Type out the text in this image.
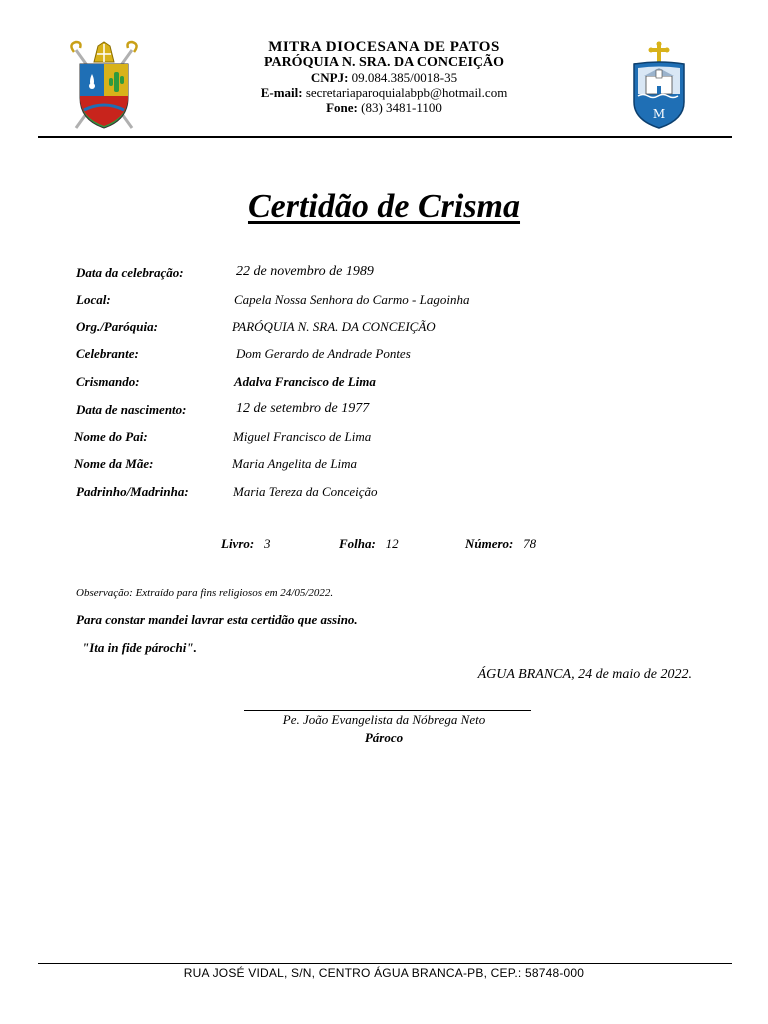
MITRA DIOCESANA DE PATOS
PARÓQUIA N. SRA. DA CONCEIÇÃO
CNPJ: 09.084.385/0018-35
E-mail: secretariaparoquialabpb@hotmail.com
Fone: (83) 3481-1100	M
Certidão de Crisma
Data da celebração:	22 de novembro de 1989
Local:	Capela Nossa Senhora do Carmo - Lagoinha
Org./Paróquia:	PARÓQUIA N. SRA. DA CONCEIÇÃO
Celebrante:	Dom Gerardo de Andrade Pontes
Crismando:	Adalva Francisco de Lima
Data de nascimento:	12 de setembro de 1977
Nome do Pai:	Miguel Francisco de Lima
Nome da Mãe:	Maria Angelita de Lima
Padrinho/Madrinha:	Maria Tereza da Conceição
Livro: 3	Folha: 12	Número: 78
Observação: Extraído para fins religiosos em 24/05/2022.
Para constar mandei lavrar esta certidão que assino.
"Ita in fide párochi".
ÁGUA BRANCA, 24 de maio de 2022.
Pe. João Evangelista da Nóbrega Neto
Pároco
RUA JOSÉ VIDAL, S/N, CENTRO ÁGUA BRANCA-PB, CEP.: 58748-000
